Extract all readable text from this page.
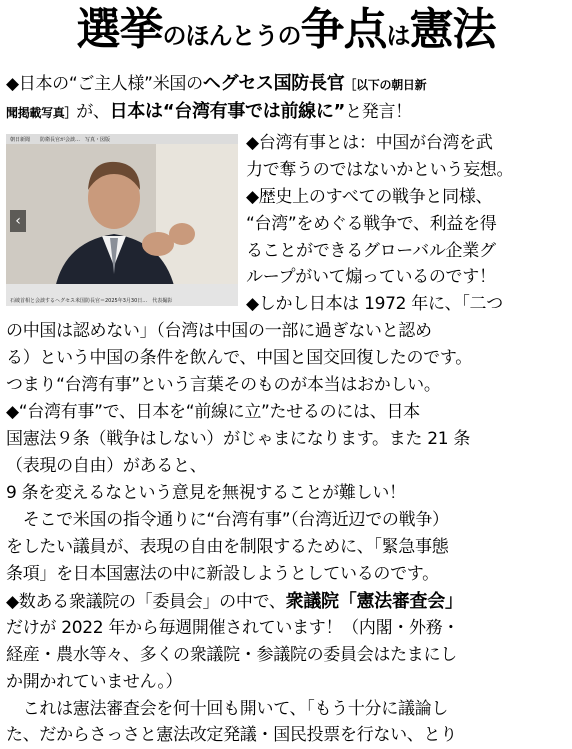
選挙のほんとうの争点は憲法
◆日本の“ご主人様”米国のヘグセス国防長官［以下の朝日新
聞掲載写真］が、日本は“台湾有事では前線に”と発言！
朝日新聞　　防衛長官が会談…　写真・図版
‹
石破首相と会談するヘグセス米国防長官＝2025年3月30日…　代表撮影
◆台湾有事とは：中国が台湾を武
力で奪うのではないかという妄想。
◆歴史上のすべての戦争と同様、
“台湾”をめぐる戦争で、利益を得
ることができるグローバル企業グ
ループがいて煽っているのです！
◆しかし日本は 1972 年に、「二つ
の中国は認めない」（台湾は中国の一部に過ぎないと認め
る）という中国の条件を飲んで、中国と国交回復したのです。
つまり“台湾有事”という言葉そのものが本当はおかしい。
◆“台湾有事”で、日本を“前線に立”たせるのには、日本
国憲法９条（戦争はしない）がじゃまになります。また 21 条
（表現の自由）があると、
9 条を変えるなという意見を無視することが難しい！
　そこで米国の指令通りに“台湾有事”（台湾近辺での戦争）
をしたい議員が、表現の自由を制限するために、「緊急事態
条項」を日本国憲法の中に新設しようとしているのです。
◆数ある衆議院の「委員会」の中で、衆議院「憲法審査会」
だけが 2022 年から毎週開催されています！（内閣・外務・
経産・農水等々、多くの衆議院・参議院の委員会はたまにし
か開かれていません。）
　これは憲法審査会を何十回も開いて、「もう十分に議論し
た、だからさっさと憲法改定発議・国民投票を行ない、とり
